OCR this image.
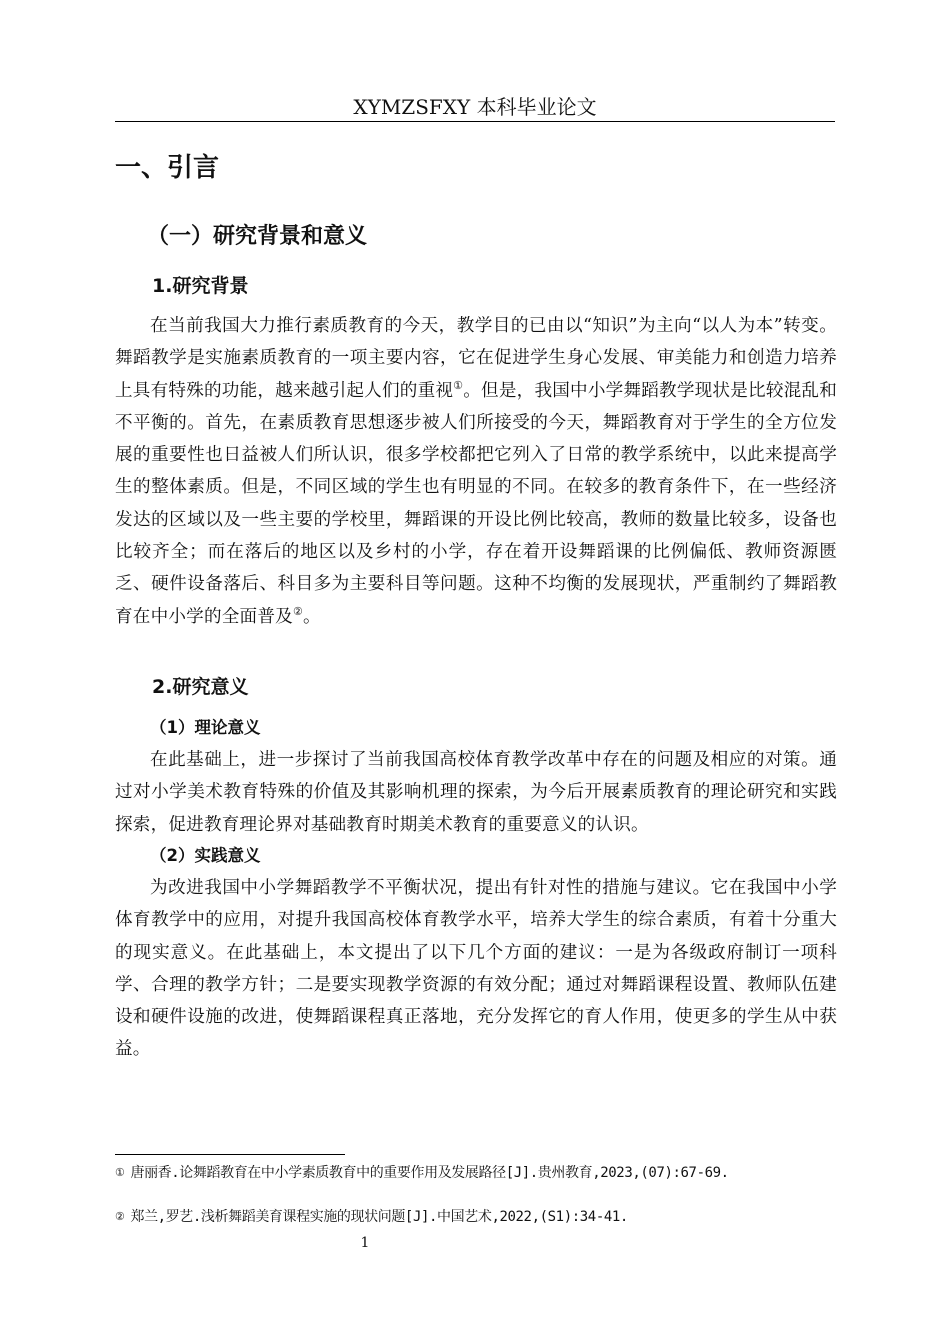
XYMZSFXY 本科毕业论文
一、引言
（一）研究背景和意义
1.研究背景
在当前我国大力推行素质教育的今天，教学目的已由以“知识”为主向“以人为本”转变。舞蹈教学是实施素质教育的一项主要内容，它在促进学生身心发展、审美能力和创造力培养上具有特殊的功能，越来越引起人们的重视①。但是，我国中小学舞蹈教学现状是比较混乱和不平衡的。首先，在素质教育思想逐步被人们所接受的今天，舞蹈教育对于学生的全方位发展的重要性也日益被人们所认识，很多学校都把它列入了日常的教学系统中，以此来提高学生的整体素质。但是，不同区域的学生也有明显的不同。在较多的教育条件下，在一些经济发达的区域以及一些主要的学校里，舞蹈课的开设比例比较高，教师的数量比较多，设备也比较齐全；而在落后的地区以及乡村的小学，存在着开设舞蹈课的比例偏低、教师资源匮乏、硬件设备落后、科目多为主要科目等问题。这种不均衡的发展现状，严重制约了舞蹈教育在中小学的全面普及②。
2.研究意义
（1）理论意义
在此基础上，进一步探讨了当前我国高校体育教学改革中存在的问题及相应的对策。通过对小学美术教育特殊的价值及其影响机理的探索，为今后开展素质教育的理论研究和实践探索，促进教育理论界对基础教育时期美术教育的重要意义的认识。
（2）实践意义
为改进我国中小学舞蹈教学不平衡状况，提出有针对性的措施与建议。它在我国中小学体育教学中的应用，对提升我国高校体育教学水平，培养大学生的综合素质，有着十分重大的现实意义。在此基础上，本文提出了以下几个方面的建议：一是为各级政府制订一项科学、合理的教学方针；二是要实现教学资源的有效分配；通过对舞蹈课程设置、教师队伍建设和硬件设施的改进，使舞蹈课程真正落地，充分发挥它的育人作用，使更多的学生从中获益。
① 唐丽香.论舞蹈教育在中小学素质教育中的重要作用及发展路径[J].贵州教育,2023,(07):67-69.
② 郑兰,罗艺.浅析舞蹈美育课程实施的现状问题[J].中国艺术,2022,(S1):34-41.
1
